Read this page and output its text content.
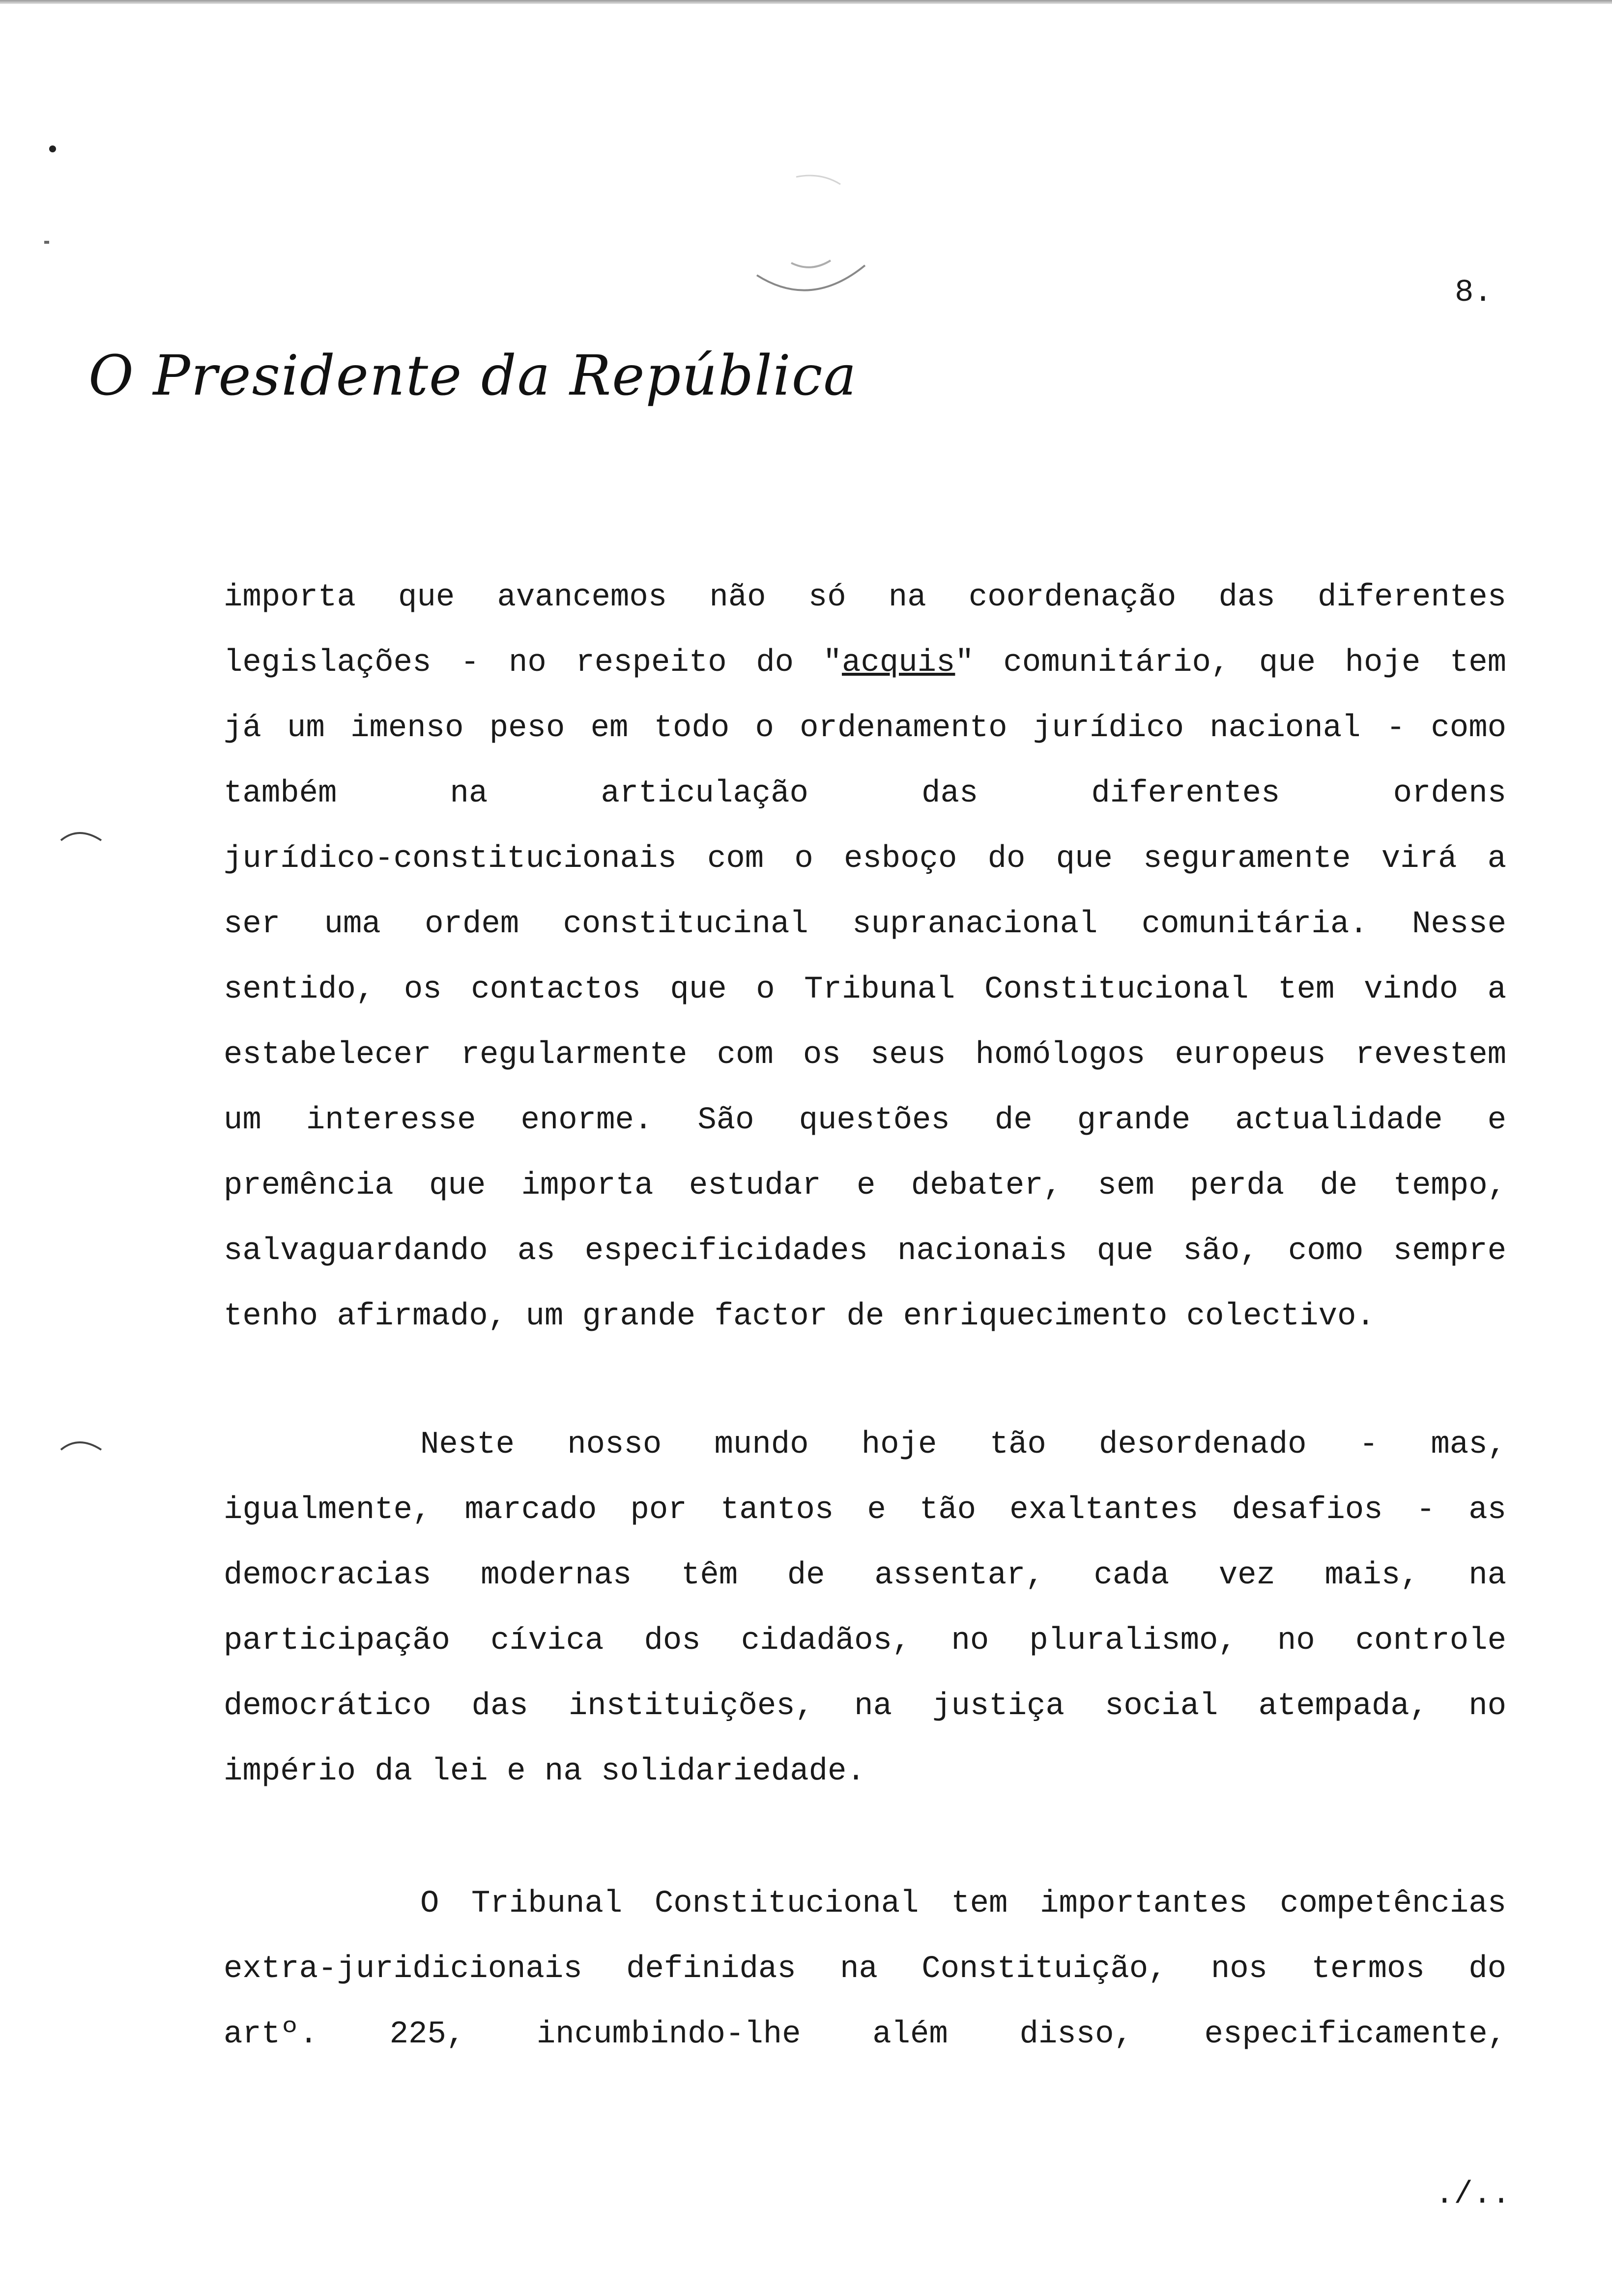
8.
O Presidente da República
importa que avancemos não só na coordenação das diferentes
legislações - no respeito do "acquis" comunitário, que hoje tem
já um imenso peso em todo o ordenamento jurídico nacional - como
também na articulação das diferentes ordens
jurídico-constitucionais com o esboço do que seguramente virá a
ser uma ordem constitucinal supranacional comunitária. Nesse
sentido, os contactos que o Tribunal Constitucional tem vindo a
estabelecer regularmente com os seus homólogos europeus revestem
um interesse enorme. São questões de grande actualidade e
premência que importa estudar e debater, sem perda de tempo,
salvaguardando as especificidades nacionais que são, como sempre
tenho afirmado, um grande factor de enriquecimento colectivo.
Neste nosso mundo hoje tão desordenado - mas,
igualmente, marcado por tantos e tão exaltantes desafios - as
democracias modernas têm de assentar, cada vez mais, na
participação cívica dos cidadãos, no pluralismo, no controle
democrático das instituições, na justiça social atempada, no
império da lei e na solidariedade.
O Tribunal Constitucional tem importantes competências
extra-juridicionais definidas na Constituição, nos termos do
artº. 225, incumbindo-lhe além disso, especificamente,
./..
